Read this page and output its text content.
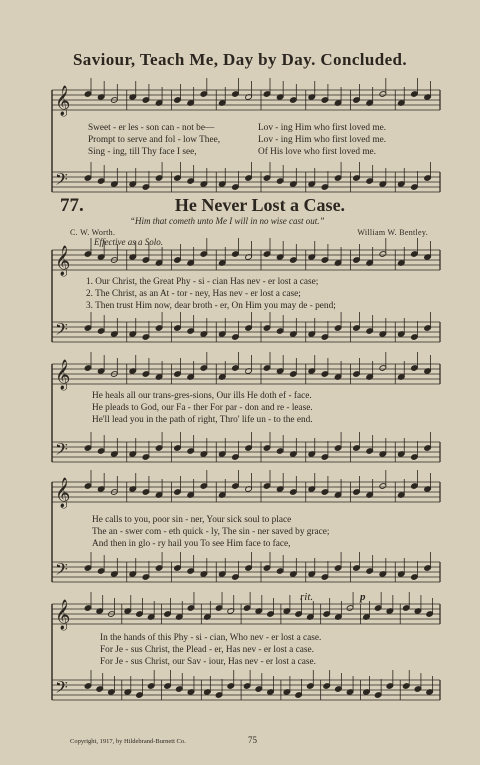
Saviour, Teach Me, Day by Day. Concluded.
𝄞
𝄢
𝄞
𝄢
𝄞
𝄢
𝄞
𝄢
𝄞
𝄢
Sweet - er les - son can - not be—	Lov - ing Him who first loved me.
Prompt to serve and fol - low Thee,	Lov - ing Him who first loved me.
Sing - ing, till Thy face I see,	Of His love who first loved me.
77.	He Never Lost a Case.
“Him that cometh unto Me I will in no wise cast out.”
C. W. Worth.	William W. Bentley.
Effective as a Solo.
1. Our Christ, the Great Phy - si - cian Has nev - er lost a case;
2. The Christ, as an At - tor - ney, Has nev - er lost a case;
3. Then trust Him now, dear broth - er, On Him you may de - pend;
He heals all our trans-gres-sions, Our ills He doth ef - face.
He pleads to God, our Fa - ther For par - don and re - lease.
He'll lead you in the path of right, Thro' life un - to the end.
He calls to you, poor sin - ner, Your sick soul to place
The an - swer com - eth quick - ly, The sin - ner saved by grace;
And then in glo - ry hail you To see Him face to face,
In the hands of this Phy - si - cian, Who nev - er lost a case.
For Je - sus Christ, the Plead - er, Has nev - er lost a case.
For Je - sus Christ, our Sav - iour, Has nev - er lost a case.
rit.	p
Copyright, 1917, by Hildebrand-Burnett Co.	75
